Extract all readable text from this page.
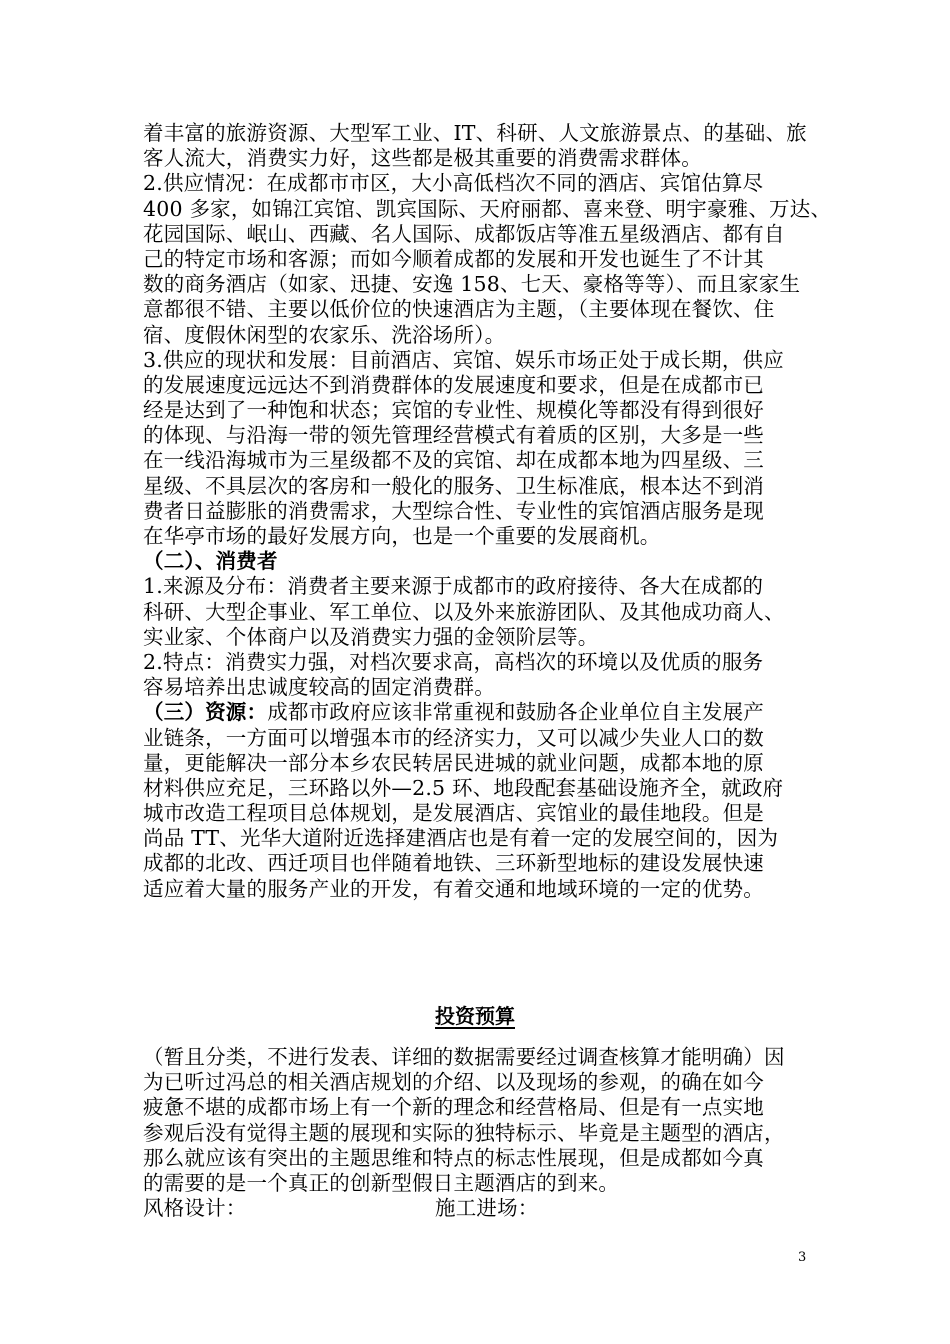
着丰富的旅游资源、大型军工业、IT、科研、人文旅游景点、的基础、旅
客人流大，消费实力好，这些都是极其重要的消费需求群体。
2.供应情况：在成都市市区，大小高低档次不同的酒店、宾馆估算尽
400 多家，如锦江宾馆、凯宾国际、天府丽都、喜来登、明宇豪雅、万达、
花园国际、岷山、西藏、名人国际、成都饭店等准五星级酒店、都有自
己的特定市场和客源；而如今顺着成都的发展和开发也诞生了不计其
数的商务酒店（如家、迅捷、安逸 158、七天、豪格等等）、而且家家生
意都很不错、主要以低价位的快速酒店为主题，（主要体现在餐饮、住
宿、度假休闲型的农家乐、洗浴场所）。
3.供应的现状和发展：目前酒店、宾馆、娱乐市场正处于成长期，供应
的发展速度远远达不到消费群体的发展速度和要求，但是在成都市已
经是达到了一种饱和状态；宾馆的专业性、规模化等都没有得到很好
的体现、与沿海一带的领先管理经营模式有着质的区别，大多是一些
在一线沿海城市为三星级都不及的宾馆、却在成都本地为四星级、三
星级、不具层次的客房和一般化的服务、卫生标准底，根本达不到消
费者日益膨胀的消费需求，大型综合性、专业性的宾馆酒店服务是现
在华亭市场的最好发展方向，也是一个重要的发展商机。
（二）、消费者
1.来源及分布：消费者主要来源于成都市的政府接待、各大在成都的
科研、大型企事业、军工单位、以及外来旅游团队、及其他成功商人、
实业家、个体商户以及消费实力强的金领阶层等。
2.特点：消费实力强，对档次要求高，高档次的环境以及优质的服务
容易培养出忠诚度较高的固定消费群。
（三）资源：成都市政府应该非常重视和鼓励各企业单位自主发展产
业链条，一方面可以增强本市的经济实力，又可以减少失业人口的数
量，更能解决一部分本乡农民转居民进城的就业问题，成都本地的原
材料供应充足，三环路以外—2.5 环、地段配套基础设施齐全，就政府
城市改造工程项目总体规划，是发展酒店、宾馆业的最佳地段。但是
尚品 TT、光华大道附近选择建酒店也是有着一定的发展空间的，因为
成都的北改、西迁项目也伴随着地铁、三环新型地标的建设发展快速
适应着大量的服务产业的开发，有着交通和地域环境的一定的优势。
投资预算
（暂且分类，不进行发表、详细的数据需要经过调查核算才能明确）因
为已听过冯总的相关酒店规划的介绍、以及现场的参观，的确在如今
疲惫不堪的成都市场上有一个新的理念和经营格局、但是有一点实地
参观后没有觉得主题的展现和实际的独特标示、毕竟是主题型的酒店，
那么就应该有突出的主题思维和特点的标志性展现，但是成都如今真
的需要的是一个真正的创新型假日主题酒店的到来。
风格设计：	施工进场：
3
